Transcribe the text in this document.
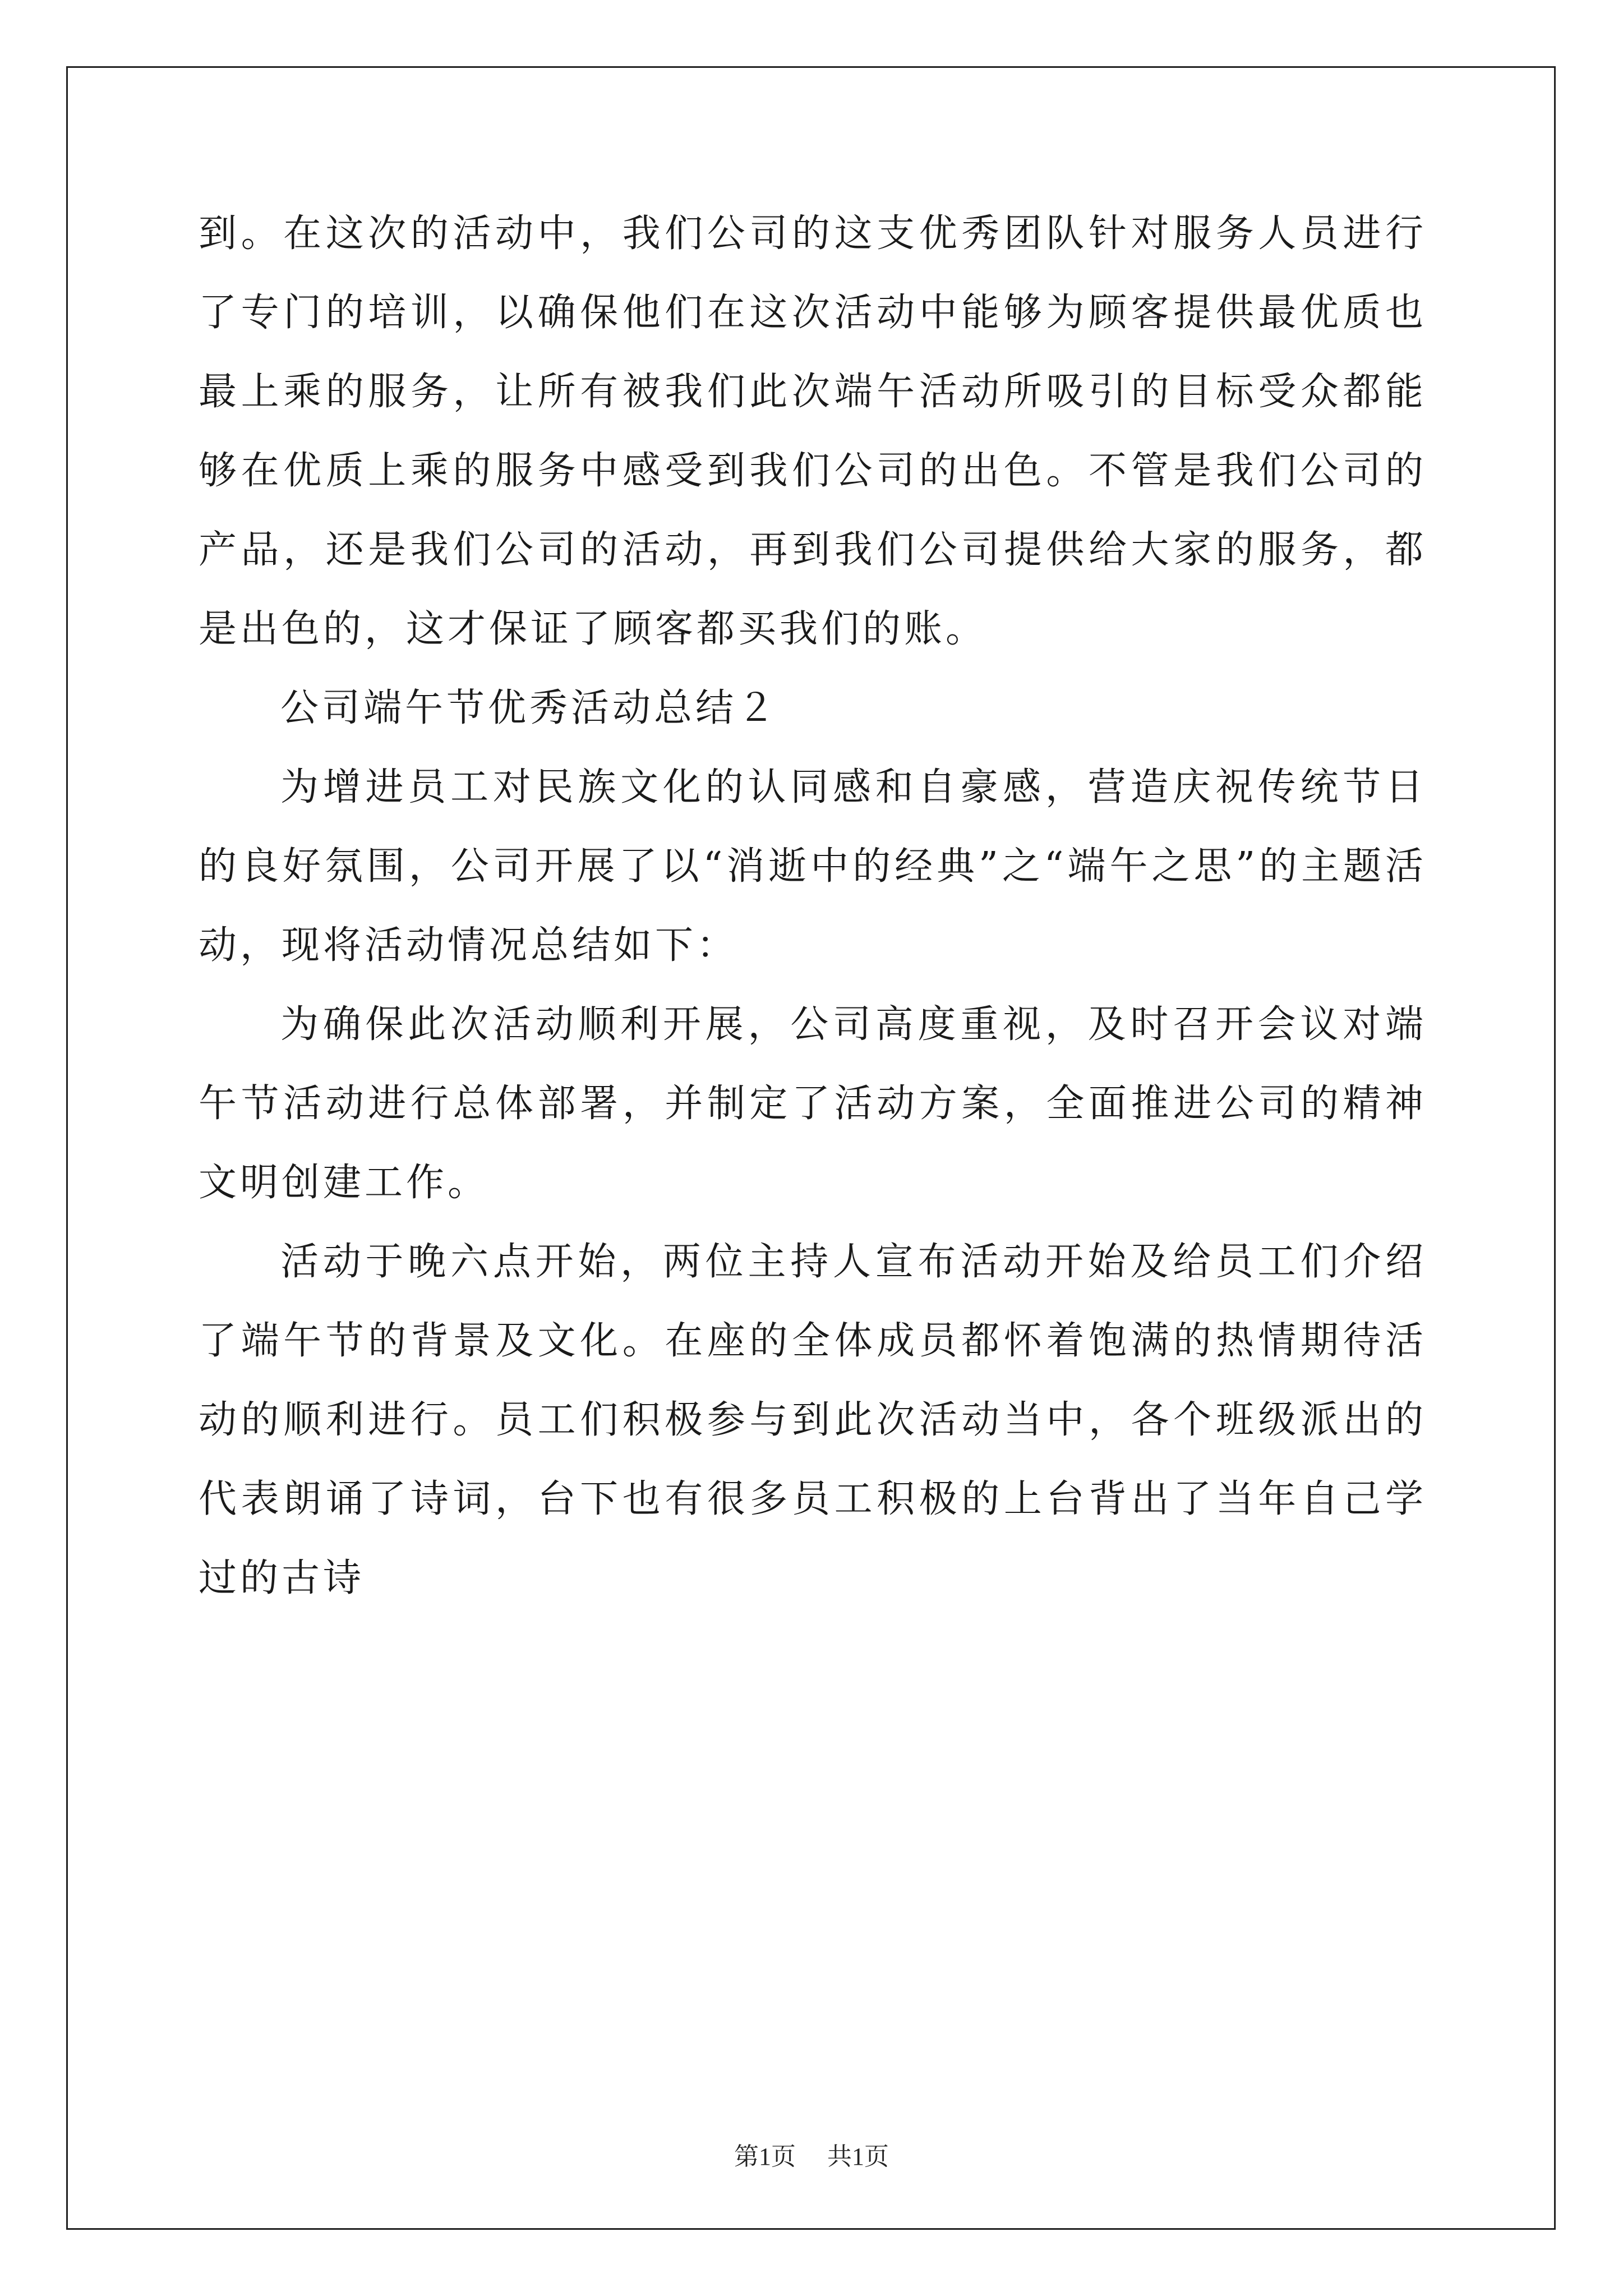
到。在这次的活动中，我们公司的这支优秀团队针对服务人员进行了专门的培训，以确保他们在这次活动中能够为顾客提供最优质也最上乘的服务，让所有被我们此次端午活动所吸引的目标受众都能够在优质上乘的服务中感受到我们公司的出色。不管是我们公司的产品，还是我们公司的活动，再到我们公司提供给大家的服务，都是出色的，这才保证了顾客都买我们的账。

公司端午节优秀活动总结２

为增进员工对民族文化的认同感和自豪感，营造庆祝传统节日的良好氛围，公司开展了以“消逝中的经典”之“端午之思”的主题活动，现将活动情况总结如下：

为确保此次活动顺利开展，公司高度重视，及时召开会议对端午节活动进行总体部署，并制定了活动方案，全面推进公司的精神文明创建工作。

活动于晚六点开始，两位主持人宣布活动开始及给员工们介绍了端午节的背景及文化。在座的全体成员都怀着饱满的热情期待活动的顺利进行。员工们积极参与到此次活动当中，各个班级派出的代表朗诵了诗词，台下也有很多员工积极的上台背出了当年自己学过的古诗

第1页 共1页
